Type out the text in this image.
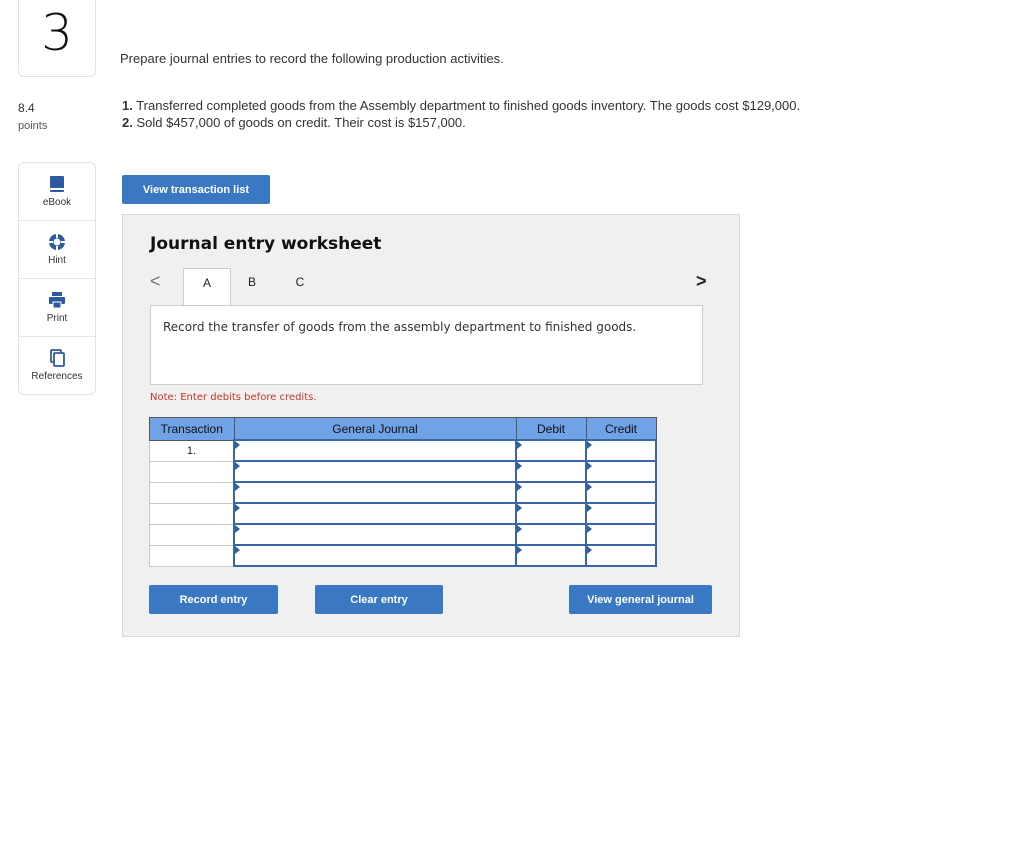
3
8.4
points
eBook
Hint
Print
References
Prepare journal entries to record the following production activities.
1. Transferred completed goods from the Assembly department to finished goods inventory. The goods cost $129,000.
2. Sold $457,000 of goods on credit. Their cost is $157,000.
View transaction list
Journal entry worksheet
<	A	B	C	>
Record the transfer of goods from the assembly department to finished goods.
Note: Enter debits before credits.
Transaction	General Journal	Debit	Credit
1.			

Record entry	Clear entry	View general journal
